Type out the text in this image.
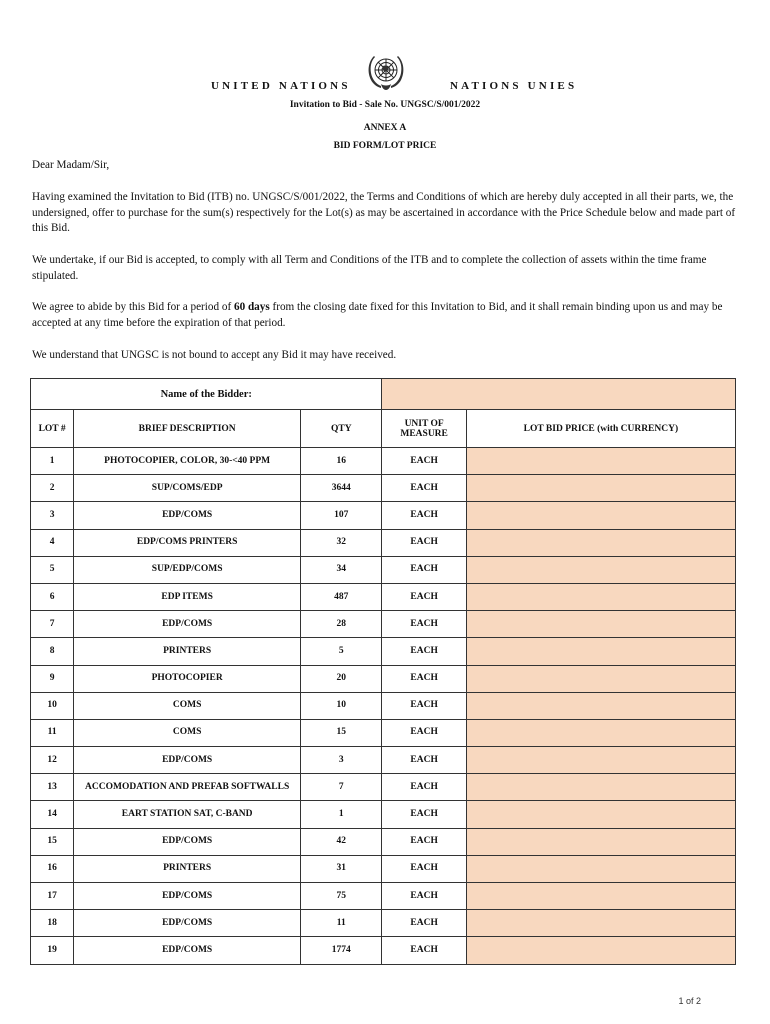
UNITED NATIONS	NATIONS UNIES
Invitation to Bid - Sale No. UNGSC/S/001/2022
ANNEX A
BID FORM/LOT PRICE
Dear Madam/Sir,
Having examined the Invitation to Bid (ITB) no. UNGSC/S/001/2022, the Terms and Conditions of which are hereby duly accepted in all their parts, we, the undersigned, offer to purchase for the sum(s) respectively for the Lot(s) as may be ascertained in accordance with the Price Schedule below and made part of this Bid.
We undertake, if our Bid is accepted, to comply with all Term and Conditions of the ITB and to complete the collection of assets within the time frame stipulated.
We agree to abide by this Bid for a period of 60 days from the closing date fixed for this Invitation to Bid, and it shall remain binding upon us and may be accepted at any time before the expiration of that period.
We understand that UNGSC is not bound to accept any Bid it may have received.
Name of the Bidder:				
LOT #	BRIEF DESCRIPTION	QTY	UNIT OF MEASURE	LOT BID PRICE (with CURRENCY)
1	PHOTOCOPIER, COLOR, 30-<40 PPM	16	EACH	
2	SUP/COMS/EDP	3644	EACH	
3	EDP/COMS	107	EACH	
4	EDP/COMS PRINTERS	32	EACH	
5	SUP/EDP/COMS	34	EACH	
6	EDP ITEMS	487	EACH	
7	EDP/COMS	28	EACH	
8	PRINTERS	5	EACH	
9	PHOTOCOPIER	20	EACH	
10	COMS	10	EACH	
11	COMS	15	EACH	
12	EDP/COMS	3	EACH	
13	ACCOMODATION AND PREFAB SOFTWALLS	7	EACH	
14	EART STATION SAT, C-BAND	1	EACH	
15	EDP/COMS	42	EACH	
16	PRINTERS	31	EACH	
17	EDP/COMS	75	EACH	
18	EDP/COMS	11	EACH	
19	EDP/COMS	1774	EACH	
1 of 2
